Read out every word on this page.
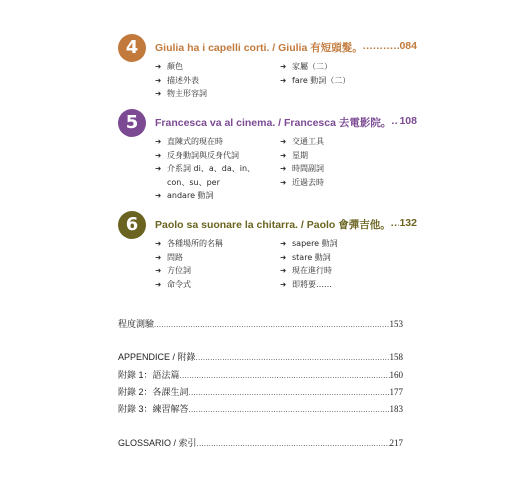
4	Giulia ha i capelli corti. / Giulia 有短頭髮。 .....	084
➜ 顏色
➜ 描述外表
➜ 物主形容詞
➜ 家屬（二）
➜ fare 動詞（二）
5	Francesca va al cinema. / Francesca 去電影院。 ..... 108
➜ 直陳式的現在時
➜ 反身動詞與反身代詞
➜ 介系詞 di、a、da、in、
con、su、per
➜ andare 動詞
➜ 交通工具
➜ 星期
➜ 時間副詞
➜ 近過去時
6	Paolo sa suonare la chitarra. / Paolo 會彈吉他。 ..... 132
➜ 各種場所的名稱
➜ 問路
➜ 方位詞
➜ 命令式
➜ sapere 動詞
➜ stare 動詞
➜ 現在進行時
➜ 即將要……
程度測驗 .....	153
APPENDICE / 附錄 .....	158
附錄 1：語法篇 .....	160
附錄 2：各課生詞 .....	177
附錄 3：練習解答 .....	183
GLOSSARIO / 索引 .....	217
